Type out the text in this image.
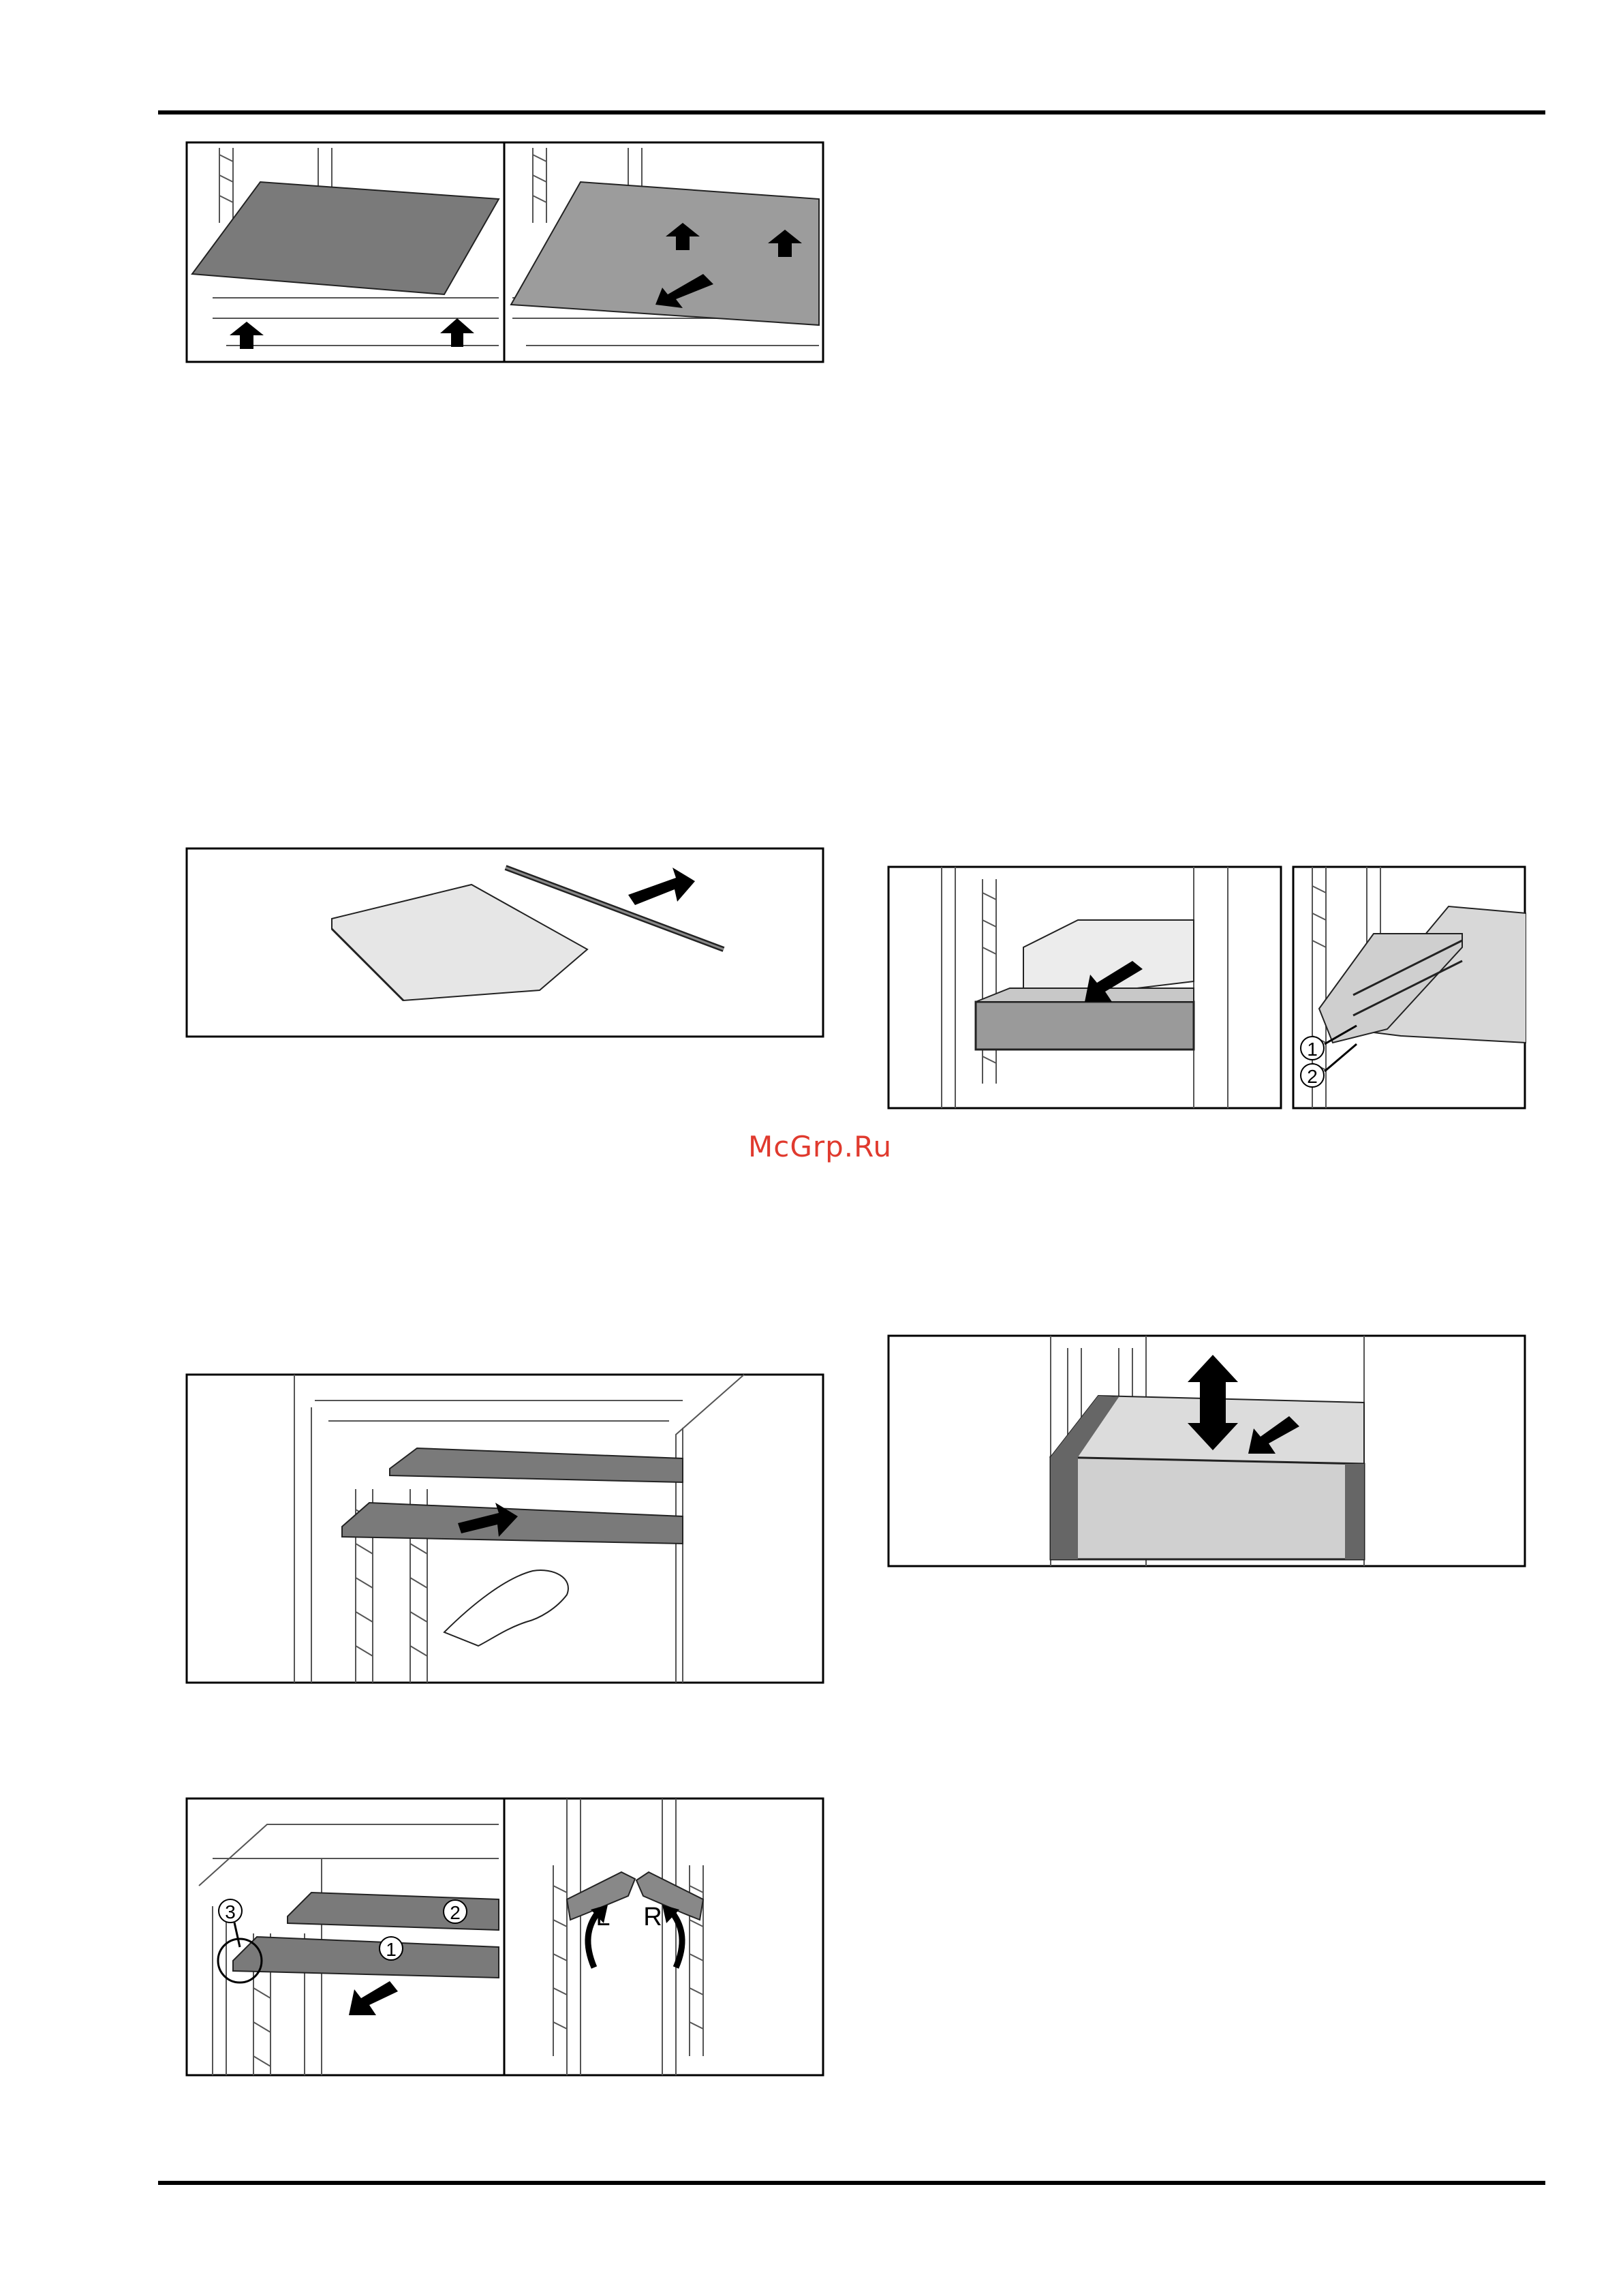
1
2
McGrp.Ru
3	2
1
L R
